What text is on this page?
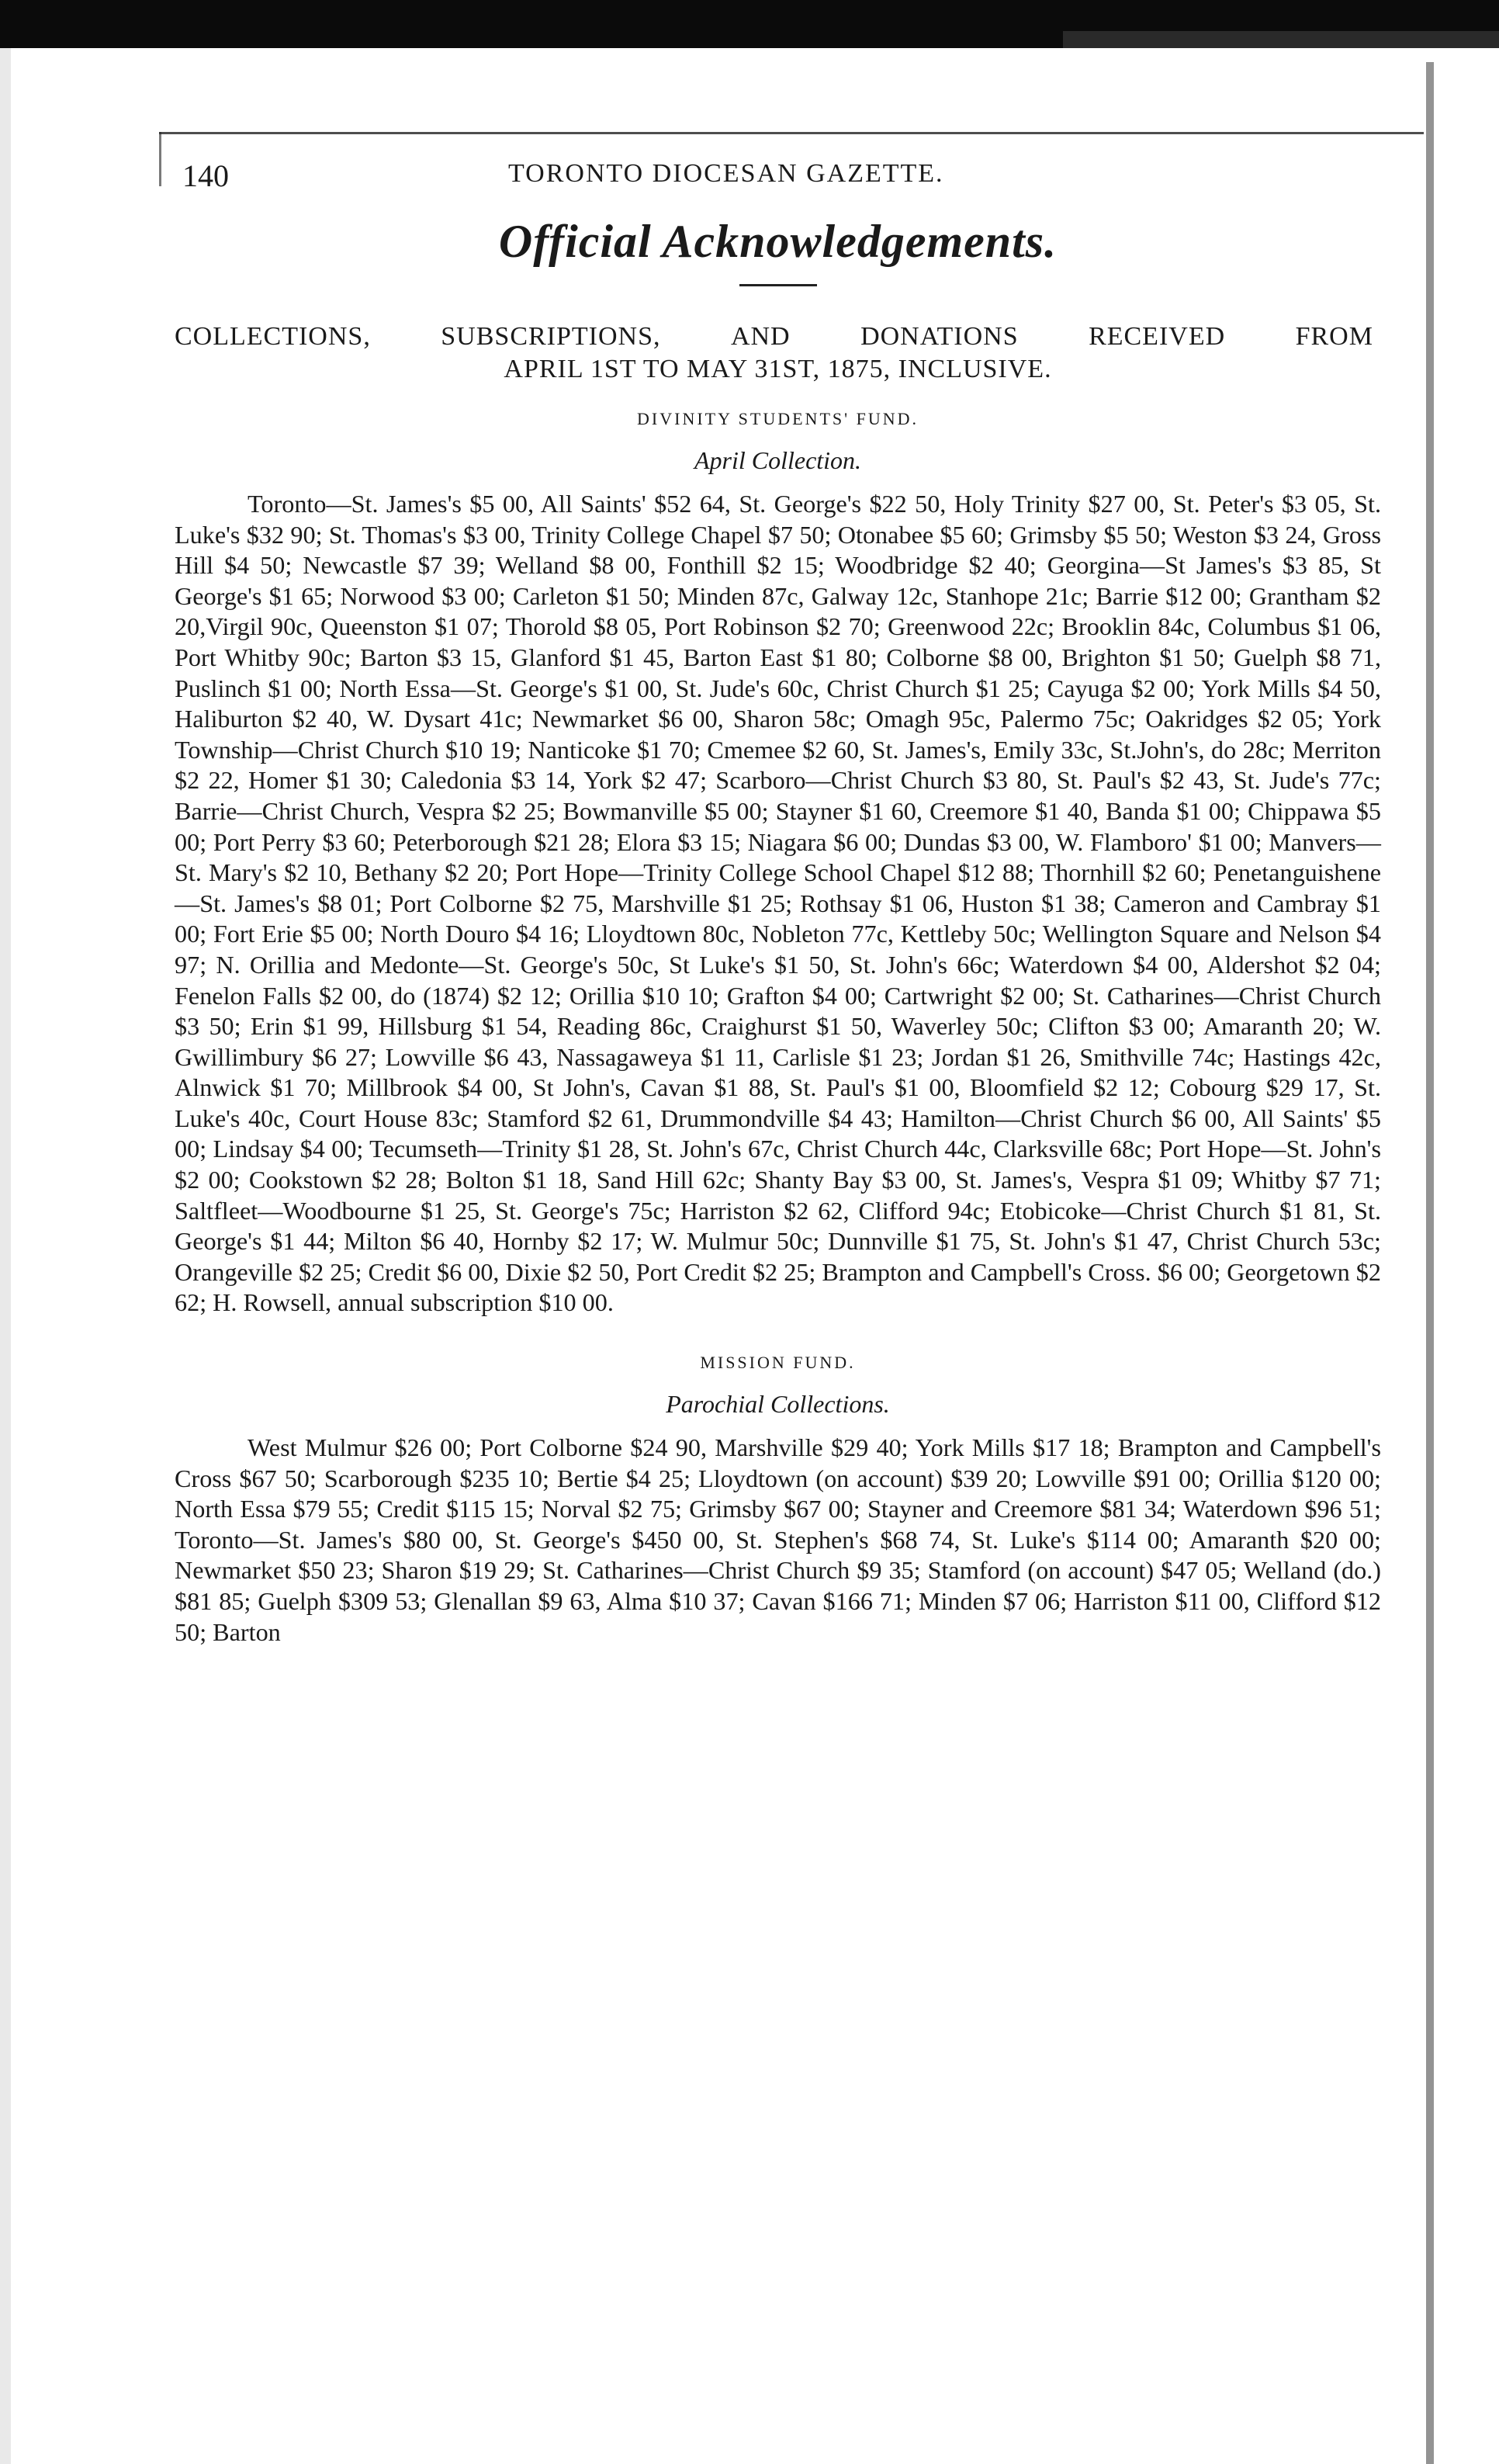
140	TORONTO DIOCESAN GAZETTE.
Official Acknowledgements.
COLLECTIONS,	SUBSCRIPTIONS,	AND	DONATIONS	RECEIVED	FROM
APRIL 1ST TO MAY 31ST, 1875, INCLUSIVE.
DIVINITY STUDENTS' FUND.
April Collection.

Toronto—St. James's $5 00, All Saints' $52 64, St. George's $22 50, Holy Trinity $27 00, St. Peter's $3 05, St. Luke's $32 90; St. Thomas's $3 00, Trinity College Chapel $7 50; Otonabee $5 60; Grimsby $5 50; Weston $3 24, Gross Hill $4 50; Newcastle $7 39; Welland $8 00, Fonthill $2 15; Woodbridge $2 40; Georgina—St James's $3 85, St George's $1 65; Norwood $3 00; Carleton $1 50; Minden 87c, Galway 12c, Stanhope 21c; Barrie $12 00; Grantham $2 20,Virgil 90c, Queenston $1 07; Thorold $8 05, Port Robinson $2 70; Greenwood 22c; Brooklin 84c, Columbus $1 06, Port Whitby 90c; Barton $3 15, Glanford $1 45, Barton East $1 80; Colborne $8 00, Brighton $1 50; Guelph $8 71, Puslinch $1 00; North Essa—St. George's $1 00, St. Jude's 60c, Christ Church $1 25; Cayuga $2 00; York Mills $4 50, Haliburton $2 40, W. Dysart 41c; Newmarket $6 00, Sharon 58c; Omagh 95c, Palermo 75c; Oakridges $2 05; York Township—Christ Church $10 19; Nanticoke $1 70; Cmemee $2 60, St. James's, Emily 33c, St.John's, do 28c; Merriton $2 22, Homer $1 30; Caledonia $3 14, York $2 47; Scarboro—Christ Church $3 80, St. Paul's $2 43, St. Jude's 77c; Barrie—Christ Church, Vespra $2 25; Bowmanville $5 00; Stayner $1 60, Creemore $1 40, Banda $1 00; Chippawa $5 00; Port Perry $3 60; Peterborough $21 28; Elora $3 15; Niagara $6 00; Dundas $3 00, W. Flamboro' $1 00; Manvers—St. Mary's $2 10, Bethany $2 20; Port Hope—Trinity College School Chapel $12 88; Thornhill $2 60; Penetanguishene—St. James's $8 01; Port Colborne $2 75, Marshville $1 25; Rothsay $1 06, Huston $1 38; Cameron and Cambray $1 00; Fort Erie $5 00; North Douro $4 16; Lloydtown 80c, Nobleton 77c, Kettleby 50c; Wellington Square and Nelson $4 97; N. Orillia and Medonte—St. George's 50c, St Luke's $1 50, St. John's 66c; Waterdown $4 00, Aldershot $2 04; Fenelon Falls $2 00, do (1874) $2 12; Orillia $10 10; Grafton $4 00; Cartwright $2 00; St. Catharines—Christ Church $3 50; Erin $1 99, Hillsburg $1 54, Reading 86c, Craighurst $1 50, Waverley 50c; Clifton $3 00; Amaranth 20; W. Gwillimbury $6 27; Lowville $6 43, Nassagaweya $1 11, Carlisle $1 23; Jordan $1 26, Smithville 74c; Hastings 42c, Alnwick $1 70; Millbrook $4 00, St John's, Cavan $1 88, St. Paul's $1 00, Bloomfield $2 12; Cobourg $29 17, St. Luke's 40c, Court House 83c; Stamford $2 61, Drummondville $4 43; Hamilton—Christ Church $6 00, All Saints' $5 00; Lindsay $4 00; Tecumseth—Trinity $1 28, St. John's 67c, Christ Church 44c, Clarksville 68c; Port Hope—St. John's $2 00; Cookstown $2 28; Bolton $1 18, Sand Hill 62c; Shanty Bay $3 00, St. James's, Vespra $1 09; Whitby $7 71; Saltfleet—Woodbourne $1 25, St. George's 75c; Harriston $2 62, Clifford 94c; Etobicoke—Christ Church $1 81, St. George's $1 44; Milton $6 40, Hornby $2 17; W. Mulmur 50c; Dunnville $1 75, St. John's $1 47, Christ Church 53c; Orangeville $2 25; Credit $6 00, Dixie $2 50, Port Credit $2 25; Brampton and Campbell's Cross. $6 00; Georgetown $2 62; H. Rowsell, annual subscription $10 00.

MISSION FUND.
Parochial Collections.

West Mulmur $26 00; Port Colborne $24 90, Marshville $29 40; York Mills $17 18; Brampton and Campbell's Cross $67 50; Scarborough $235 10; Bertie $4 25; Lloydtown (on account) $39 20; Lowville $91 00; Orillia $120 00; North Essa $79 55; Credit $115 15; Norval $2 75; Grimsby $67 00; Stayner and Creemore $81 34; Waterdown $96 51; Toronto—St. James's $80 00, St. George's $450 00, St. Stephen's $68 74, St. Luke's $114 00; Amaranth $20 00; Newmarket $50 23; Sharon $19 29; St. Catharines—Christ Church $9 35; Stamford (on account) $47 05; Welland (do.) $81 85; Guelph $309 53; Glenallan $9 63, Alma $10 37; Cavan $166 71; Minden $7 06; Harriston $11 00, Clifford $12 50; Barton
